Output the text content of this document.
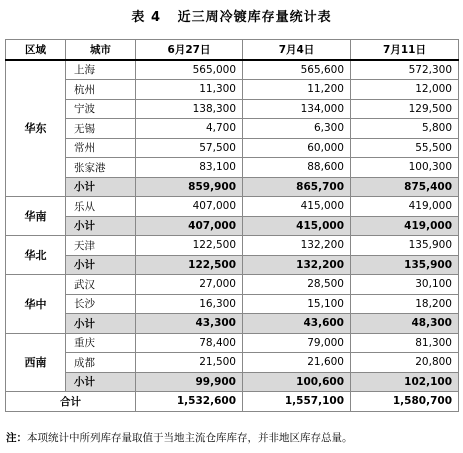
表 4   近三周冷镀库存量统计表
区域	城市	6月27日	7月4日	7月11日
华东	上海	565,000	565,600	572,300
	杭州	11,300	11,200	12,000
	宁波	138,300	134,000	129,500
	无锡	4,700	6,300	5,800
	常州	57,500	60,000	55,500
	张家港	83,100	88,600	100,300
	小计	859,900	865,700	875,400
华南	乐从	407,000	415,000	419,000
	小计	407,000	415,000	419,000
华北	天津	122,500	132,200	135,900
	小计	122,500	132,200	135,900
华中	武汉	27,000	28,500	30,100
	长沙	16,300	15,100	18,200
	小计	43,300	43,600	48,300
西南	重庆	78,400	79,000	81,300
	成都	21,500	21,600	20,800
	小计	99,900	100,600	102,100
合计		1,532,600	1,557,100	1,580,700
注：本项统计中所列库存量取值于当地主流仓库库存，并非地区库存总量。
